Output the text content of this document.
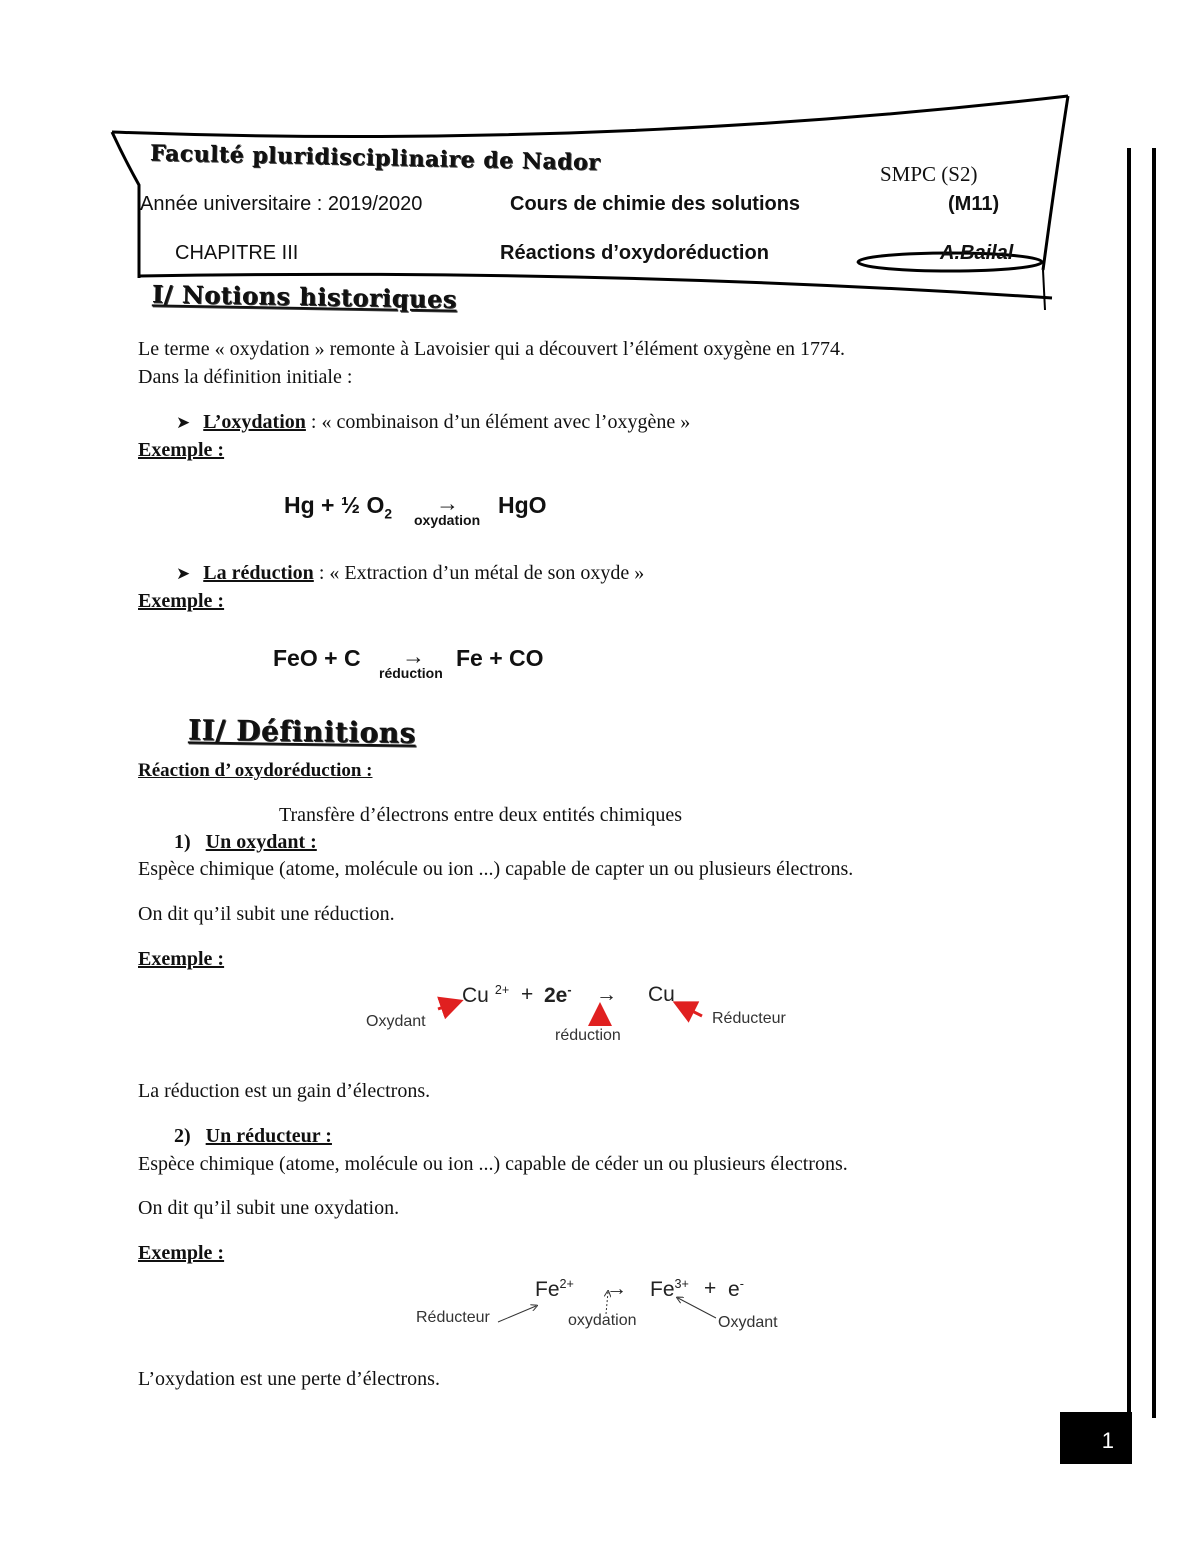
Faculté pluridisciplinaire de Nador	SMPC (S2)
Année universitaire : 2019/2020	Cours de chimie des solutions	(M11)
CHAPITRE III	Réactions d’oxydoréduction	A.Bailal
I/ Notions historiques
Le terme « oxydation » remonte à Lavoisier qui a découvert l’élément oxygène en 1774.
Dans la définition initiale :
➤ L’oxydation : « combinaison d’un élément avec l’oxygène »
Exemple :
Hg + ½ $O_2$ →
oxydation
HgO
➤ La réduction : « Extraction d’un métal de son oxyde »
Exemple :
FeO + C →
réduction
Fe + CO
II/ Définitions
Réaction d’ oxydoréduction :
Transfère d’électrons entre deux entités chimiques
1) Un oxydant :
Espèce chimique (atome, molécule ou ion ...) capable de capter un ou plusieurs électrons.
On dit qu’il subit une réduction.
Exemple :
Cu $^{2+}$ + 2e- → Cu
Oxydant
réduction
Réducteur
La réduction est un gain d’électrons.
2) Un réducteur :
Espèce chimique (atome, molécule ou ion ...) capable de céder un ou plusieurs électrons.
On dit qu’il subit une oxydation.
Exemple :
$Fe^{2+} \to Fe^{3+} + e^-$
Réducteur	oxydation	Oxydant
L’oxydation est une perte d’électrons.
1
